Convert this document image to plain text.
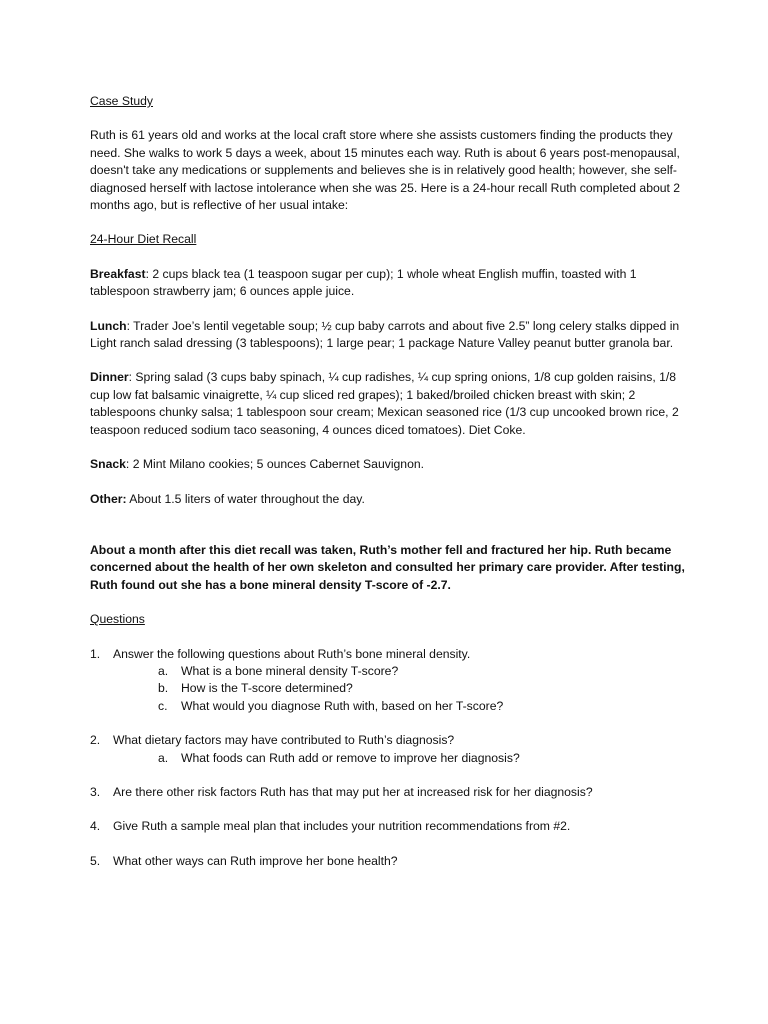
Case Study

Ruth is 61 years old and works at the local craft store where she assists customers finding the products they need. She walks to work 5 days a week, about 15 minutes each way. Ruth is about 6 years post-menopausal, doesn't take any medications or supplements and believes she is in relatively good health; however, she self-diagnosed herself with lactose intolerance when she was 25. Here is a 24-hour recall Ruth completed about 2 months ago, but is reflective of her usual intake:

24-Hour Diet Recall

Breakfast: 2 cups black tea (1 teaspoon sugar per cup); 1 whole wheat English muffin, toasted with 1 tablespoon strawberry jam; 6 ounces apple juice.

Lunch: Trader Joe’s lentil vegetable soup; ½ cup baby carrots and about five 2.5” long celery stalks dipped in Light ranch salad dressing (3 tablespoons); 1 large pear; 1 package Nature Valley peanut butter granola bar.

Dinner: Spring salad (3 cups baby spinach, ¼ cup radishes, ¼ cup spring onions, 1/8 cup golden raisins, 1/8 cup low fat balsamic vinaigrette, ¼ cup sliced red grapes); 1 baked/broiled chicken breast with skin; 2 tablespoons chunky salsa; 1 tablespoon sour cream; Mexican seasoned rice (1/3 cup uncooked brown rice, 2 teaspoon reduced sodium taco seasoning, 4 ounces diced tomatoes). Diet Coke.

Snack: 2 Mint Milano cookies; 5 ounces Cabernet Sauvignon.

Other: About 1.5 liters of water throughout the day.

About a month after this diet recall was taken, Ruth’s mother fell and fractured her hip. Ruth became concerned about the health of her own skeleton and consulted her primary care provider. After testing, Ruth found out she has a bone mineral density T-score of -2.7.

Questions

1. Answer the following questions about Ruth’s bone mineral density.
a. What is a bone mineral density T-score?
b. How is the T-score determined?
c. What would you diagnose Ruth with, based on her T-score?
2. What dietary factors may have contributed to Ruth’s diagnosis?
a. What foods can Ruth add or remove to improve her diagnosis?
3. Are there other risk factors Ruth has that may put her at increased risk for her diagnosis?
4. Give Ruth a sample meal plan that includes your nutrition recommendations from #2.
5. What other ways can Ruth improve her bone health?
